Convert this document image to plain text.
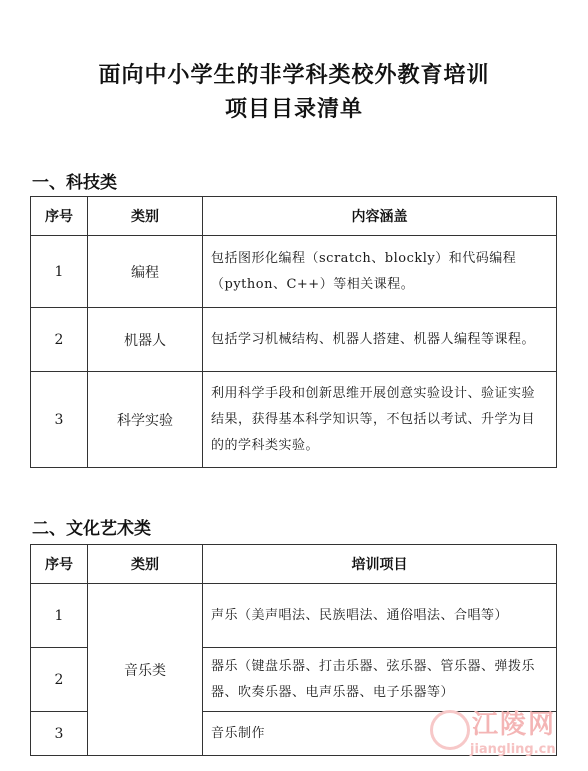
面向中小学生的非学科类校外教育培训
项目目录清单
一、科技类
序号	类别	内容涵盖
1	编程	包括图形化编程（scratch、blockly）和代码编程（python、C++）等相关课程。
2	机器人	包括学习机械结构、机器人搭建、机器人编程等课程。
3	科学实验	利用科学手段和创新思维开展创意实验设计、验证实验结果，获得基本科学知识等，不包括以考试、升学为目的的学科类实验。
二、文化艺术类
序号	类别	培训项目
1	音乐类	声乐（美声唱法、民族唱法、通俗唱法、合唱等）
2		器乐（键盘乐器、打击乐器、弦乐器、管乐器、弹拨乐器、吹奏乐器、电声乐器、电子乐器等）
3		音乐制作	江陵网
jiangling.cn
